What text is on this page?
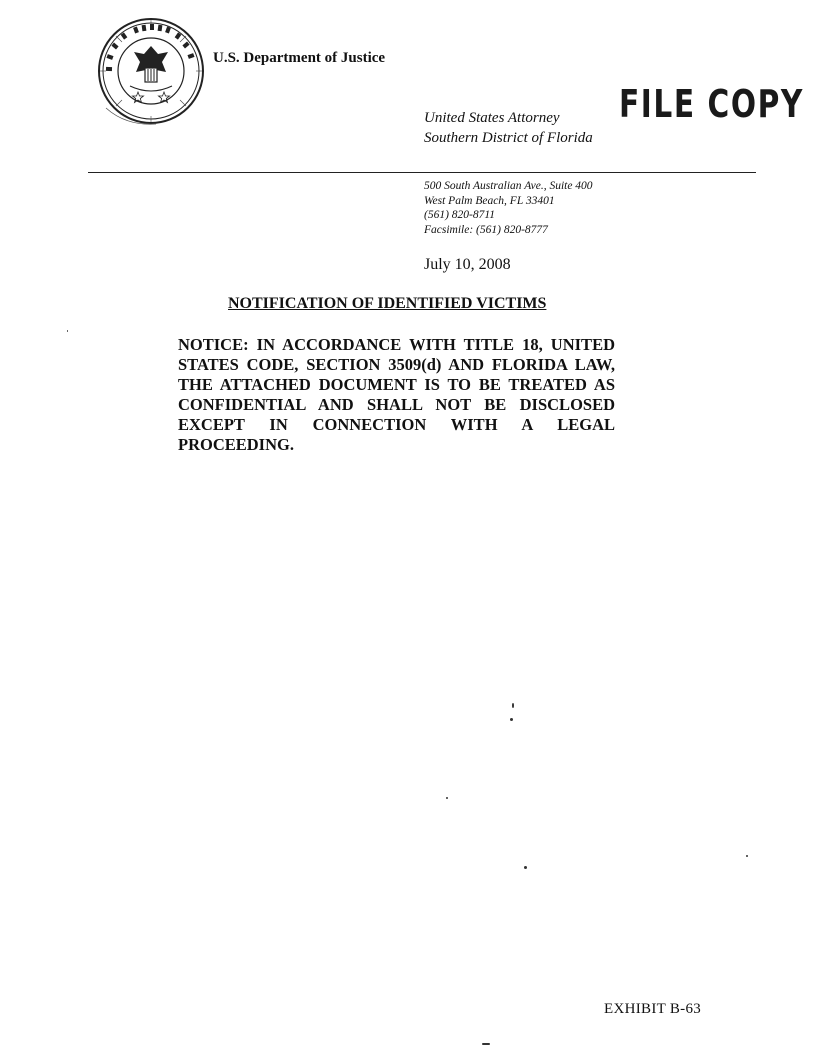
U.S. Department of Justice
United States Attorney
Southern District of Florida
FILE COPY
500 South Australian Ave., Suite 400
West Palm Beach, FL 33401
(561) 820-8711
Facsimile: (561) 820-8777
July 10, 2008
NOTIFICATION OF IDENTIFIED VICTIMS
NOTICE: IN ACCORDANCE WITH TITLE 18, UNITED STATES CODE, SECTION 3509(d) AND FLORIDA LAW, THE ATTACHED DOCUMENT IS TO BE TREATED AS CONFIDENTIAL AND SHALL NOT BE DISCLOSED EXCEPT IN CONNECTION WITH A LEGAL PROCEEDING.
EXHIBIT B-63
